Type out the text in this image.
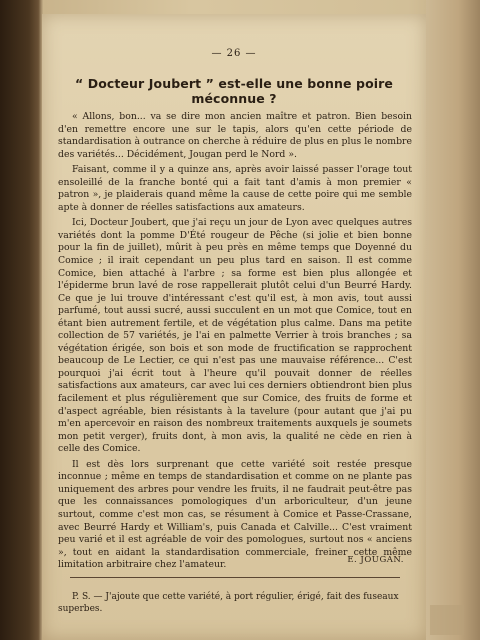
— 26 —
“ Docteur Joubert ” est-elle une bonne poire méconnue ?

« Allons, bon... va se dire mon ancien maître et patron. Bien besoin d'en remettre encore une sur le tapis, alors qu'en cette période de standardisation à outrance on cherche à réduire de plus en plus le nombre des variétés... Décidément, Jougan perd le Nord ».

Faisant, comme il y a quinze ans, après avoir laissé passer l'orage tout ensoleillé de la franche bonté qui a fait tant d'amis à mon premier « patron », je plaiderais quand même la cause de cette poire qui me semble apte à donner de réelles satisfactions aux amateurs.

Ici, Docteur Joubert, que j'ai reçu un jour de Lyon avec quelques autres variétés dont la pomme D'Été rougeur de Pêche (si jolie et bien bonne pour la fin de juillet), mûrit à peu près en même temps que Doyenné du Comice ; il irait cependant un peu plus tard en saison. Il est comme Comice, bien attaché à l'arbre ; sa forme est bien plus allongée et l'épiderme brun lavé de rose rappellerait plutôt celui d'un Beurré Hardy. Ce que je lui trouve d'intéressant c'est qu'il est, à mon avis, tout aussi parfumé, tout aussi sucré, aussi succulent en un mot que Comice, tout en étant bien autrement fertile, et de végétation plus calme. Dans ma petite collection de 57 variétés, je l'ai en palmette Verrier à trois branches ; sa végétation érigée, son bois et son mode de fructification se rapprochent beaucoup de Le Lectier, ce qui n'est pas une mauvaise référence... C'est pourquoi j'ai écrit tout à l'heure qu'il pouvait donner de réelles satisfactions aux amateurs, car avec lui ces derniers obtiendront bien plus facilement et plus régulièrement que sur Comice, des fruits de forme et d'aspect agréable, bien résistants à la tavelure (pour autant que j'ai pu m'en apercevoir en raison des nombreux traitements auxquels je soumets mon petit verger), fruits dont, à mon avis, la qualité ne cède en rien à celle des Comice.

Il est dès lors surprenant que cette variété soit restée presque inconnue ; même en temps de standardisation et comme on ne plante pas uniquement des arbres pour vendre les fruits, il ne faudrait peut-être pas que les connaissances pomologiques d'un arboriculteur, d'un jeune surtout, comme c'est mon cas, se résument à Comice et Passe-Crassane, avec Beurré Hardy et William's, puis Canada et Calville... C'est vraiment peu varié et il est agréable de voir des pomologues, surtout nos « anciens », tout en aidant la standardisation commerciale, freiner cette même limitation arbitraire chez l'amateur.	E. JOUGAN.
P. S. — J'ajoute que cette variété, à port régulier, érigé, fait des fuseaux superbes.
